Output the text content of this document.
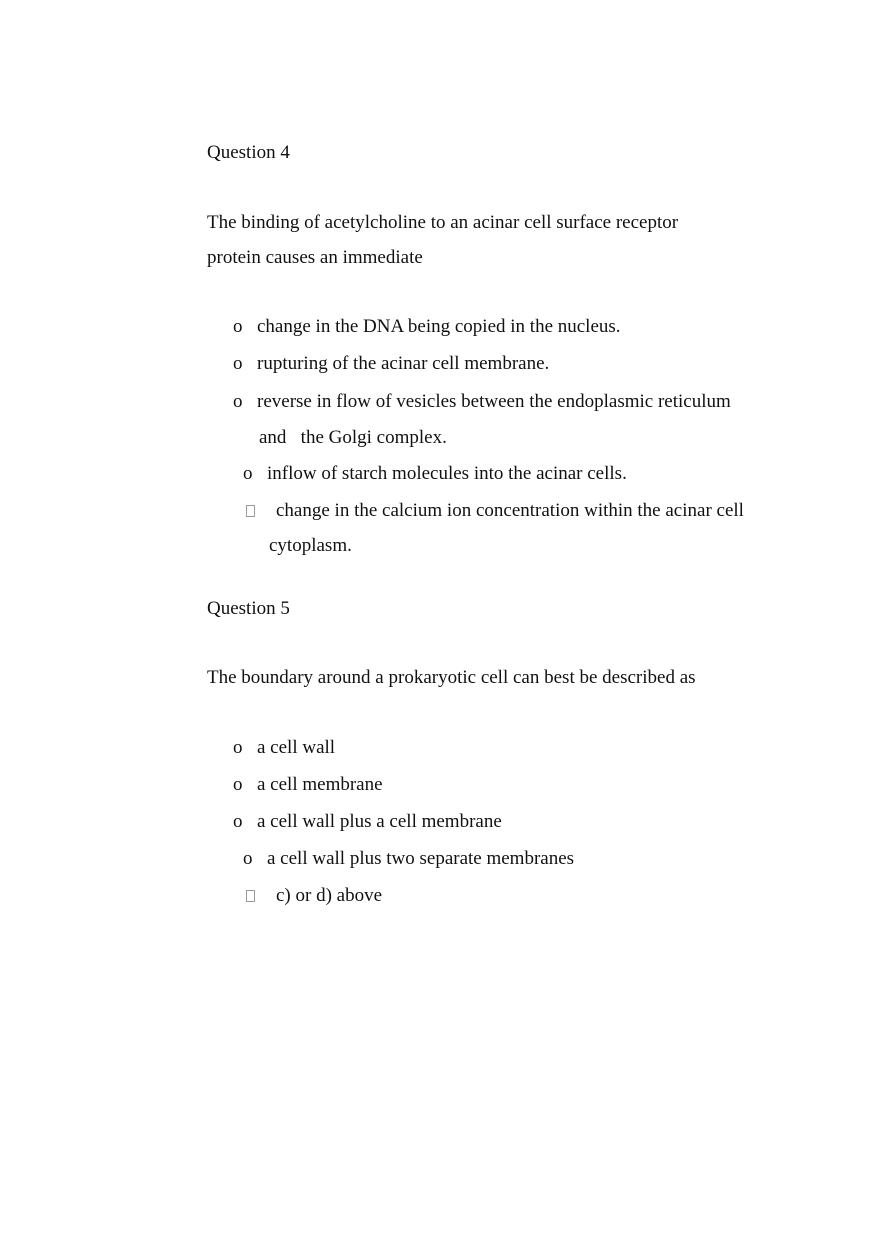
Question 4
The binding of acetylcholine to an acinar cell surface receptor
protein causes an immediate
o change in the DNA being copied in the nucleus.
o rupturing of the acinar cell membrane.
o reverse in flow of vesicles between the endoplasmic reticulum
and   the Golgi complex.
o inflow of starch molecules into the acinar cells.
change in the calcium ion concentration within the acinar cell
cytoplasm.
Question 5
The boundary around a prokaryotic cell can best be described as
o a cell wall
o a cell membrane
o a cell wall plus a cell membrane
o a cell wall plus two separate membranes
c) or d) above
